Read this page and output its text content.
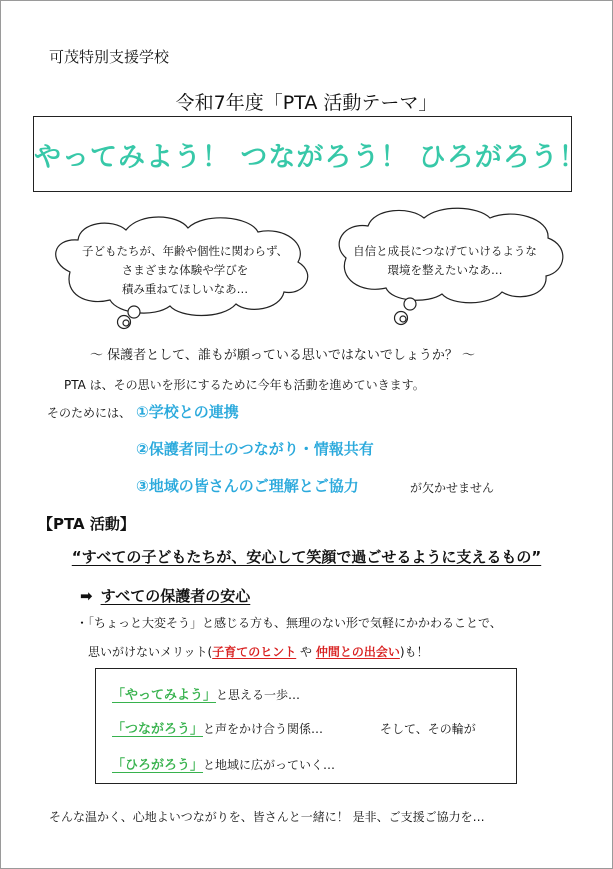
可茂特別支援学校
令和7年度「PTA 活動テーマ」
やってみよう！ つながろう！ ひろがろう！
子どもたちが、年齢や個性に関わらず、
さまざまな体験や学びを
積み重ねてほしいなあ…
自信と成長につなげていけるような
環境を整えたいなあ…
～ 保護者として、誰もが願っている思いではないでしょうか？ ～
PTA は、その思いを形にするために今年も活動を進めていきます。
そのためには、 ①学校との連携
②保護者同士のつながり・情報共有
③地域の皆さんのご理解とご協力	が欠かせません
【PTA 活動】
“すべての子どもたちが、安心して笑顔で過ごせるように支えるもの”
➡ すべての保護者の安心
・「ちょっと大変そう」と感じる方も、無理のない形で気軽にかかわることで、
思いがけないメリット(子育てのヒント や 仲間との出会い)も！
「やってみよう」と思える一歩…
「つながろう」と声をかけ合う関係…	そして、その輪が
「ひろがろう」と地域に広がっていく…
そんな温かく、心地よいつながりを、皆さんと一緒に！ 是非、ご支援ご協力を…
